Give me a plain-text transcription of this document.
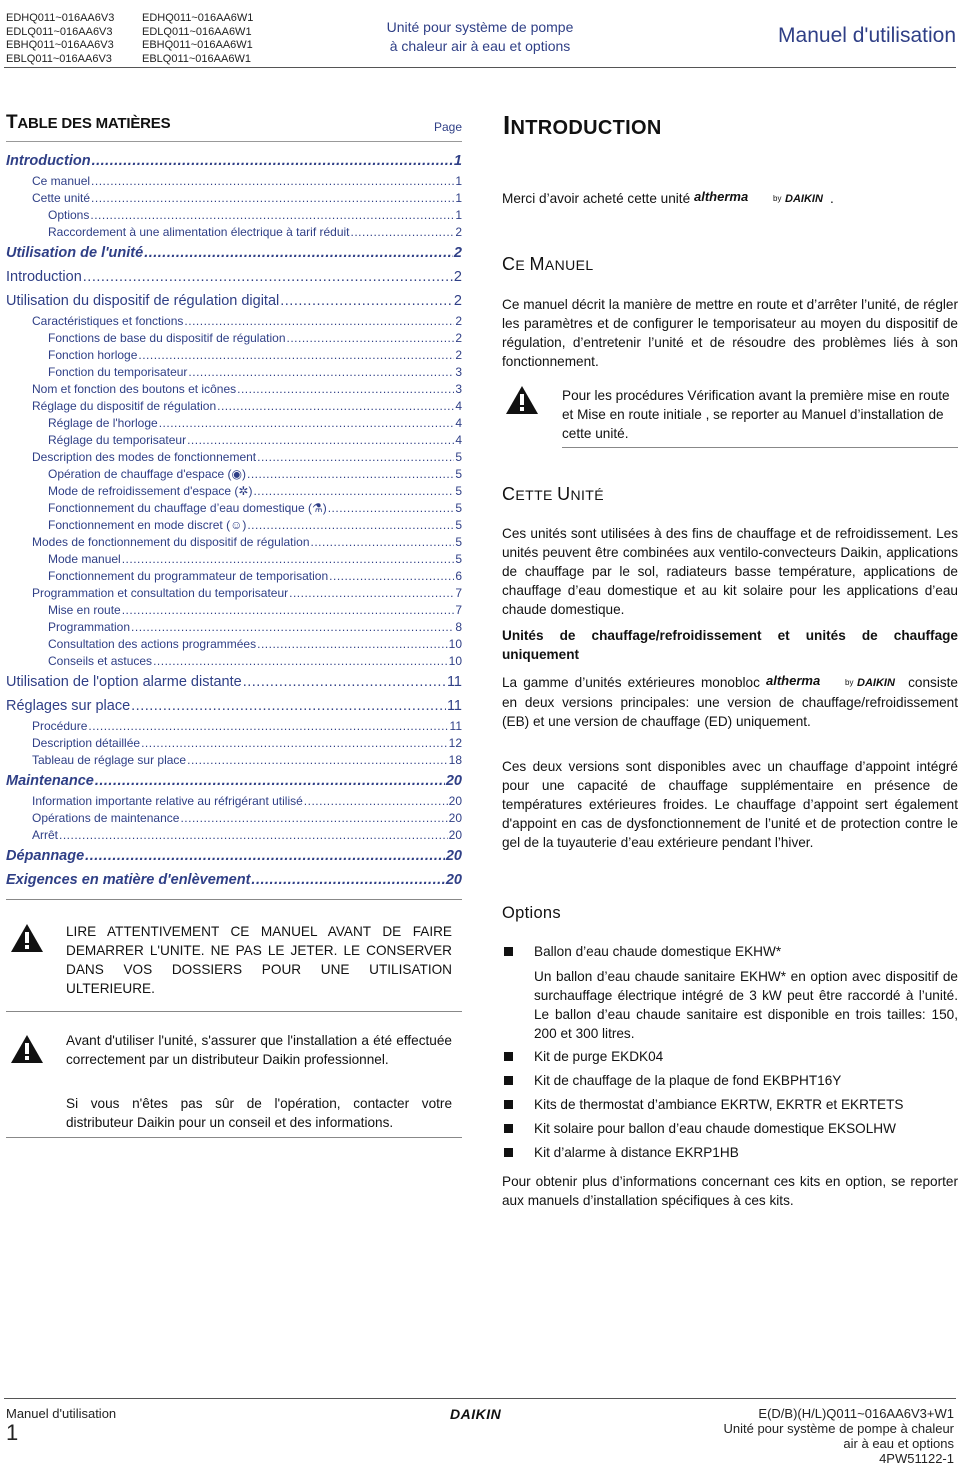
EDHQ011~016AA6V3
EDLQ011~016AA6V3
EBHQ011~016AA6V3
EBLQ011~016AA6V3
EDHQ011~016AA6W1
EDLQ011~016AA6W1
EBHQ011~016AA6W1
EBLQ011~016AA6W1
Unité pour système de pompe
à chaleur air à eau et options	Manuel d'utilisation
TABLE DES MATIÈRES	Page
Introduction .....	1
Ce manuel .....	1
Cette unité .....	1
Options .....	1
Raccordement à une alimentation électrique à tarif réduit .....	2
Utilisation de l'unité .....	2
Introduction .....	2
Utilisation du dispositif de régulation digital .....	2
Caractéristiques et fonctions .....	2
Fonctions de base du dispositif de régulation .....	2
Fonction horloge .....	2
Fonction du temporisateur .....	3
Nom et fonction des boutons et icônes .....	3
Réglage du dispositif de régulation .....	4
Réglage de l'horloge .....	4
Réglage du temporisateur .....	4
Description des modes de fonctionnement .....	5
Opération de chauffage d'espace (◉) .....	5
Mode de refroidissement d'espace (✲) .....	5
Fonctionnement du chauffage d’eau domestique (⚗) .....	5
Fonctionnement en mode discret (☺) .....	5
Modes de fonctionnement du dispositif de régulation .....	5
Mode manuel .....	5
Fonctionnement du programmateur de temporisation .....	6
Programmation et consultation du temporisateur .....	7
Mise en route .....	7
Programmation .....	8
Consultation des actions programmées .....	10
Conseils et astuces .....	10
Utilisation de l'option alarme distante .....	11
Réglages sur place .....	11
Procédure .....	11
Description détaillée .....	12
Tableau de réglage sur place .....	18
Maintenance .....	20
Information importante relative au réfrigérant utilisé .....	20
Opérations de maintenance .....	20
Arrêt .....	20
Dépannage .....	20
Exigences en matière d'enlèvement .....	20
LIRE ATTENTIVEMENT CE MANUEL AVANT DE FAIRE DEMARRER L'UNITE. NE PAS LE JETER. LE CONSERVER DANS VOS DOSSIERS POUR UNE UTILISATION ULTERIEURE.
Avant d'utiliser l'unité, s'assurer que l'installation a été effectuée correctement par un distributeur Daikin professionnel.
Si vous n'êtes pas sûr de l'opération, contacter votre distributeur Daikin pour un conseil et des informations.
INTRODUCTION
Merci d’avoir acheté cette unité altherma	by DAIKIN .
CE MANUEL
Ce manuel décrit la manière de mettre en route et d’arrêter l’unité, de régler les paramètres et de configurer le temporisateur au moyen du dispositif de régulation, d’entretenir l’unité et de résoudre des problèmes liés à son fonctionnement.
Pour les procédures Vérification avant la première mise en route et Mise en route initiale , se reporter au Manuel d’installation de cette unité.
CETTE UNITÉ
Ces unités sont utilisées à des fins de chauffage et de refroidissement. Les unités peuvent être combinées aux ventilo-convecteurs Daikin, applications de chauffage par le sol, radiateurs basse température, applications de chauffage d’eau domestique et au kit solaire pour les applications d’eau chaude domestique.
Unités de chauffage/refroidissement et unités de chauffage uniquement
La gamme d’unités extérieures monobloc altherma	by DAIKIN consiste en deux versions principales: une version de chauffage/refroidissement (EB) et une version de chauffage (ED) uniquement.
Ces deux versions sont disponibles avec un chauffage d’appoint intégré pour une capacité de chauffage supplémentaire en présence de températures extérieures froides. Le chauffage d’appoint sert également d'appoint en cas de dysfonctionnement de l’unité et de protection contre le gel de la tuyauterie d’eau extérieure pendant l’hiver.
Options
Ballon d’eau chaude domestique EKHW*
Un ballon d’eau chaude sanitaire EKHW* en option avec dispositif de surchauffage électrique intégré de 3 kW peut être raccordé à l’unité. Le ballon d’eau chaude sanitaire est disponible en trois tailles: 150, 200 et 300 litres.
Kit de purge EKDK04
Kit de chauffage de la plaque de fond EKBPHT16Y
Kits de thermostat d’ambiance EKRTW, EKRTR et EKRTETS
Kit solaire pour ballon d’eau chaude domestique EKSOLHW
Kit d’alarme à distance EKRP1HB
Pour obtenir plus d’informations concernant ces kits en option, se reporter aux manuels d’installation spécifiques à ces kits.
Manuel d'utilisation
1
DAIKIN	E(D/B)(H/L)Q011~016AA6V3+W1
Unité pour système de pompe à chaleur
air à eau et options
4PW51122-1
